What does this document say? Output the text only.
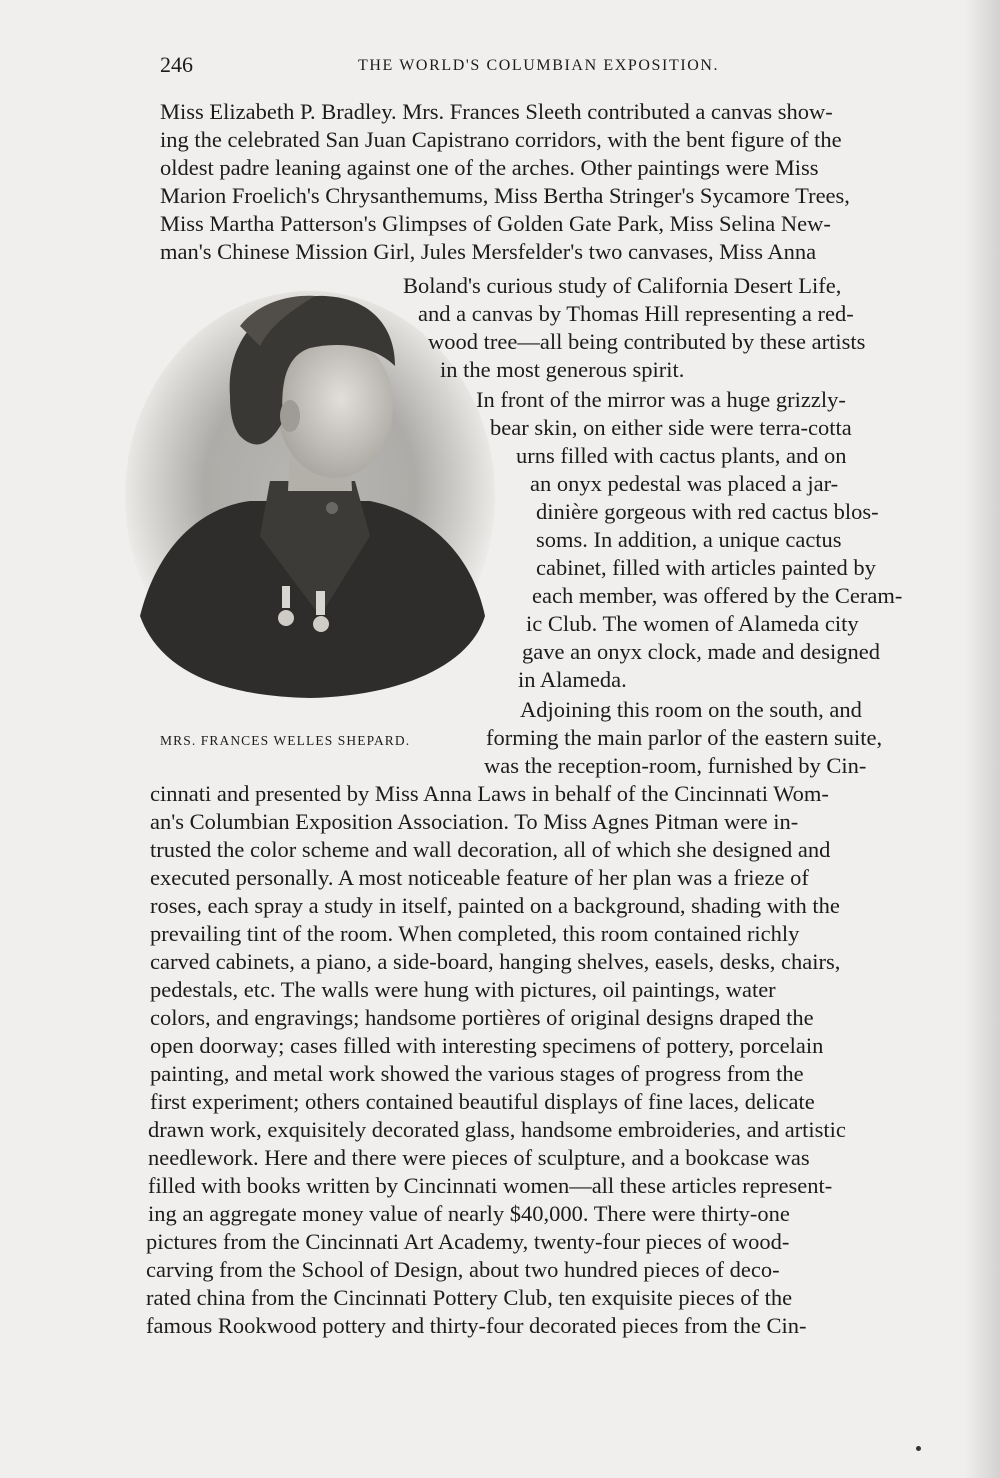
246	THE WORLD'S COLUMBIAN EXPOSITION.
MRS. FRANCES WELLES SHEPARD.
Miss Elizabeth P. Bradley. Mrs. Frances Sleeth contributed a canvas show-
ing the celebrated San Juan Capistrano corridors, with the bent figure of the
oldest padre leaning against one of the arches. Other paintings were Miss
Marion Froelich's Chrysanthemums, Miss Bertha Stringer's Sycamore Trees,
Miss Martha Patterson's Glimpses of Golden Gate Park, Miss Selina New-
man's Chinese Mission Girl, Jules Mersfelder's two canvases, Miss Anna
Boland's curious study of California Desert Life,
and a canvas by Thomas Hill representing a red-
wood tree—all being contributed by these artists
in the most generous spirit.
In front of the mirror was a huge grizzly-
bear skin, on either side were terra-cotta
urns filled with cactus plants, and on
an onyx pedestal was placed a jar-
dinière gorgeous with red cactus blos-
soms. In addition, a unique cactus
cabinet, filled with articles painted by
each member, was offered by the Ceram-
ic Club. The women of Alameda city
gave an onyx clock, made and designed
in Alameda.
Adjoining this room on the south, and
forming the main parlor of the eastern suite,
was the reception-room, furnished by Cin-
cinnati and presented by Miss Anna Laws in behalf of the Cincinnati Wom-
an's Columbian Exposition Association. To Miss Agnes Pitman were in-
trusted the color scheme and wall decoration, all of which she designed and
executed personally. A most noticeable feature of her plan was a frieze of
roses, each spray a study in itself, painted on a background, shading with the
prevailing tint of the room. When completed, this room contained richly
carved cabinets, a piano, a side-board, hanging shelves, easels, desks, chairs,
pedestals, etc. The walls were hung with pictures, oil paintings, water
colors, and engravings; handsome portières of original designs draped the
open doorway; cases filled with interesting specimens of pottery, porcelain
painting, and metal work showed the various stages of progress from the
first experiment; others contained beautiful displays of fine laces, delicate
drawn work, exquisitely decorated glass, handsome embroideries, and artistic
needlework. Here and there were pieces of sculpture, and a bookcase was
filled with books written by Cincinnati women—all these articles represent-
ing an aggregate money value of nearly $40,000. There were thirty-one
pictures from the Cincinnati Art Academy, twenty-four pieces of wood-
carving from the School of Design, about two hundred pieces of deco-
rated china from the Cincinnati Pottery Club, ten exquisite pieces of the
famous Rookwood pottery and thirty-four decorated pieces from the Cin-
